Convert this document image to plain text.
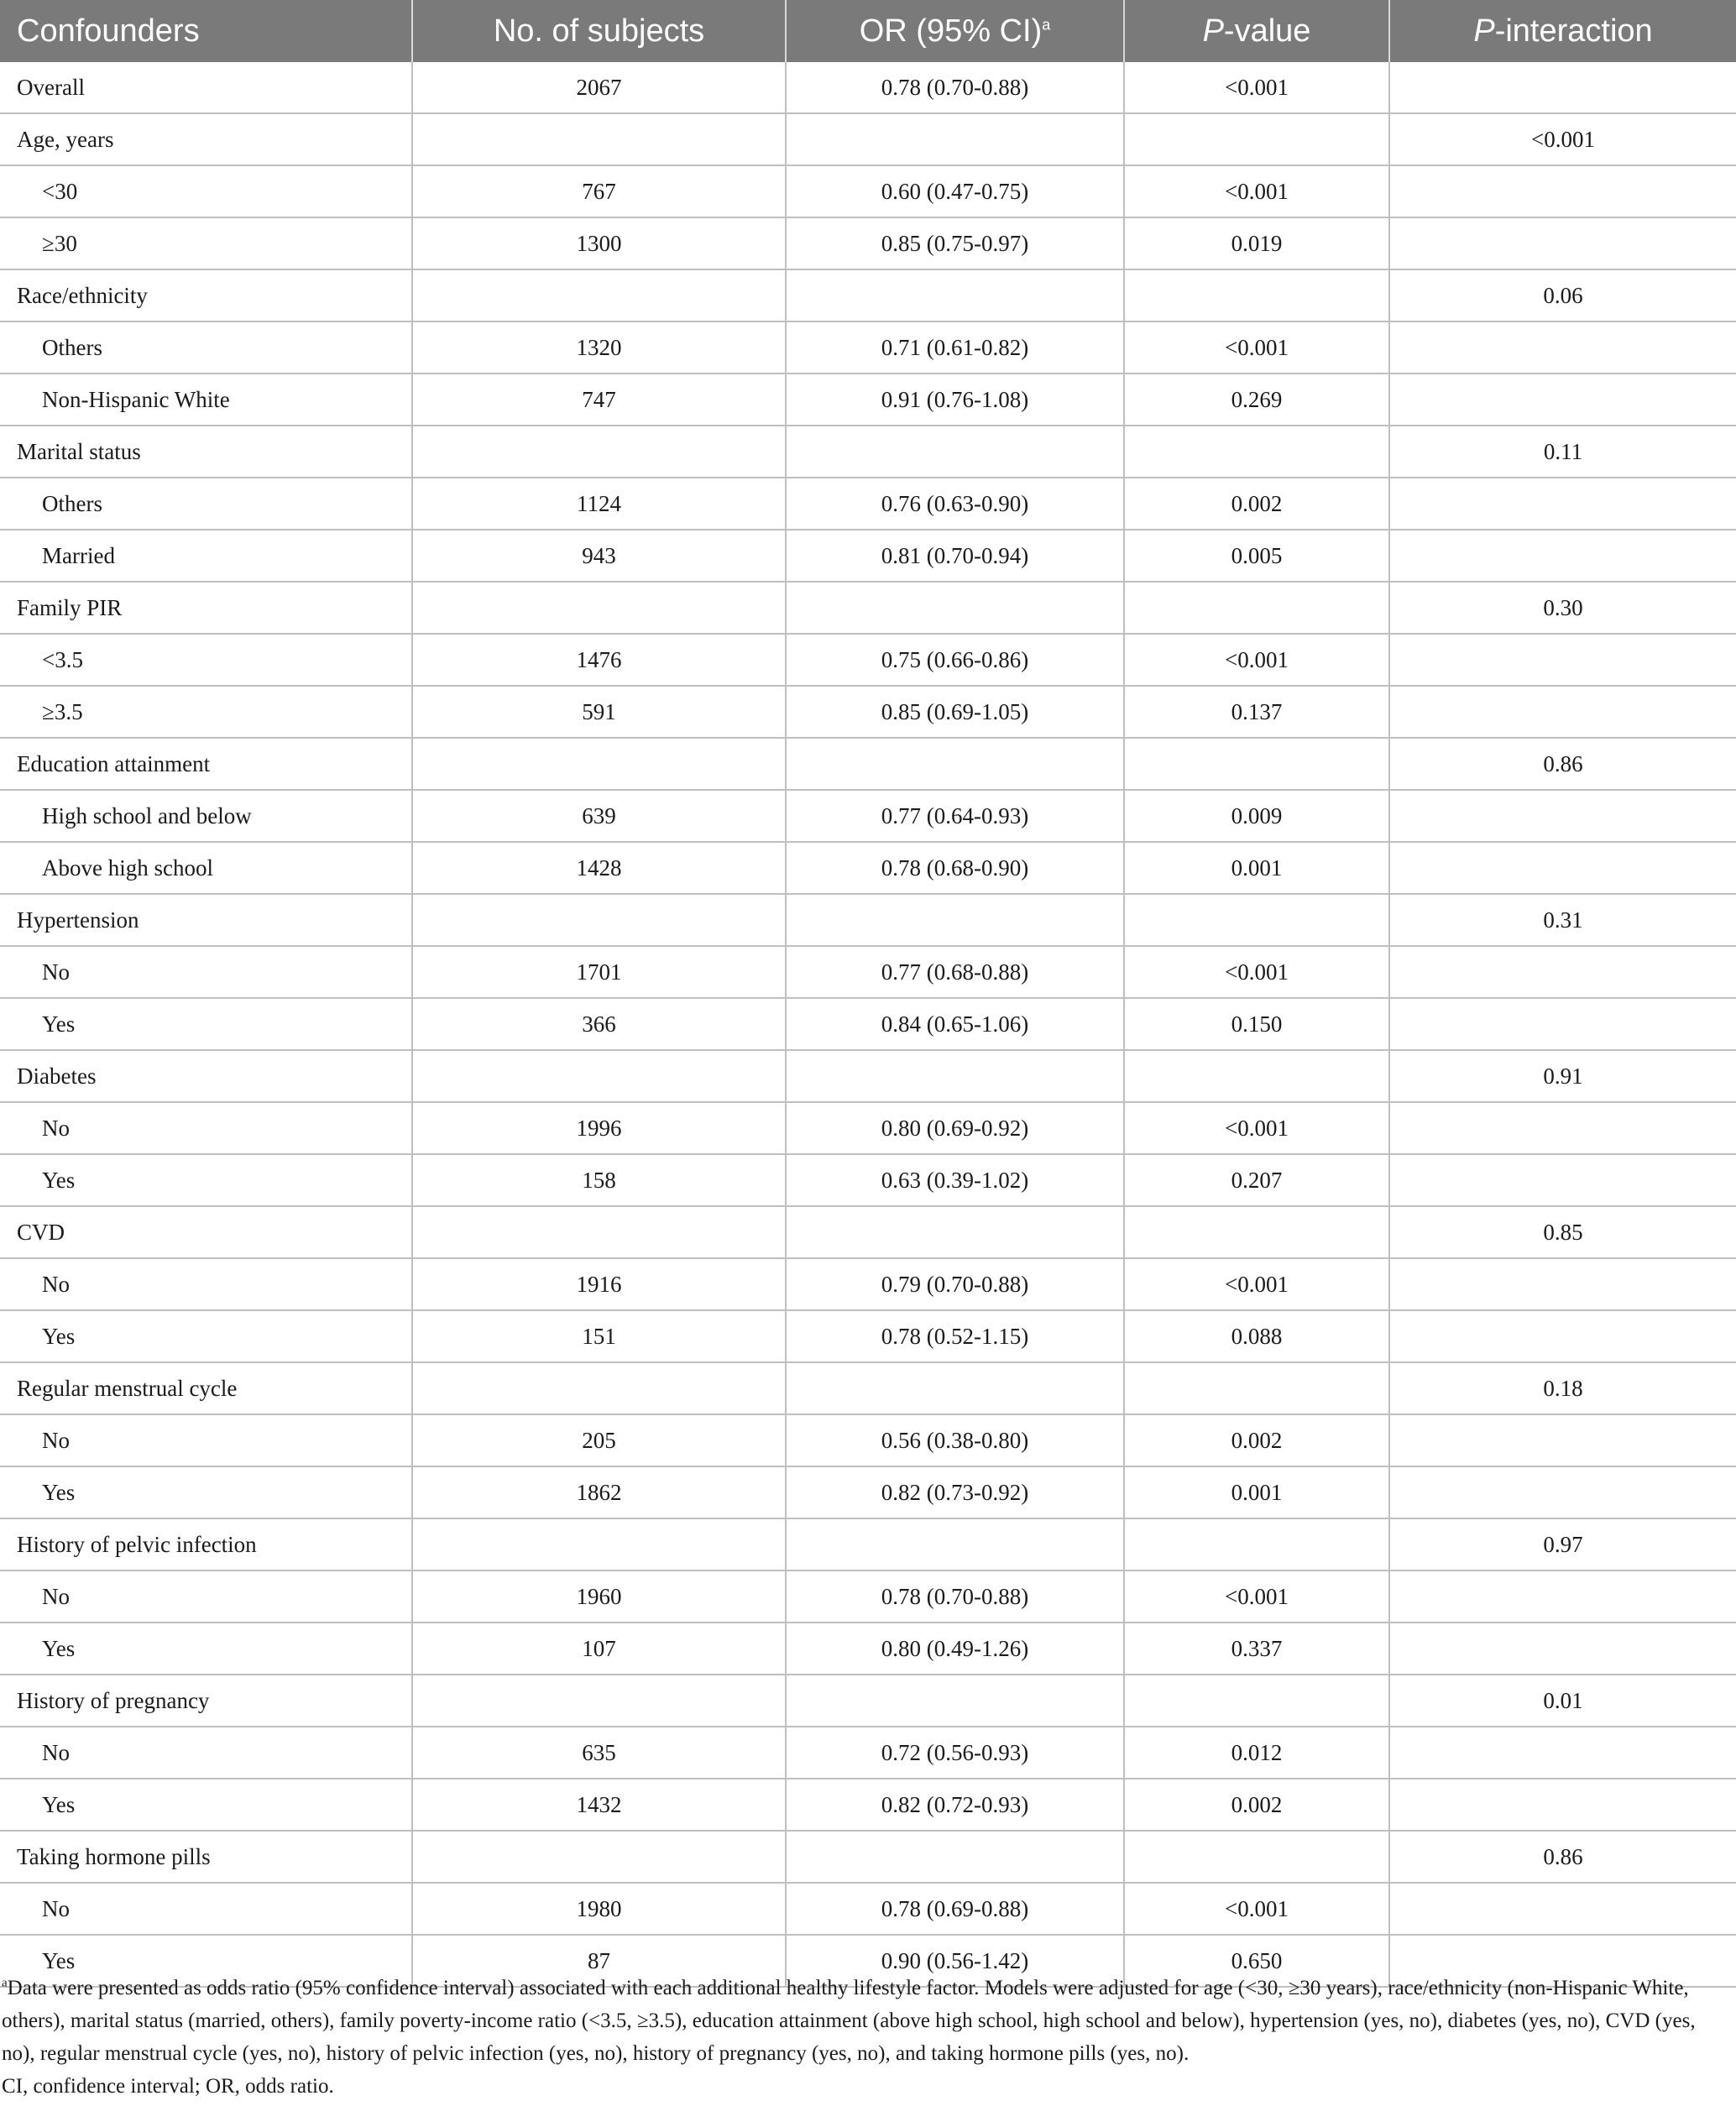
Confounders	No. of subjects	OR (95% CI)$^a$	P-value	P-interaction
Overall	2067	0.78 (0.70-0.88)	<0.001	
Age, years				<0.001
<30	767	0.60 (0.47-0.75)	<0.001	
≥30	1300	0.85 (0.75-0.97)	0.019	
Race/ethnicity				0.06
Others	1320	0.71 (0.61-0.82)	<0.001	
Non-Hispanic White	747	0.91 (0.76-1.08)	0.269	
Marital status				0.11
Others	1124	0.76 (0.63-0.90)	0.002	
Married	943	0.81 (0.70-0.94)	0.005	
Family PIR				0.30
<3.5	1476	0.75 (0.66-0.86)	<0.001	
≥3.5	591	0.85 (0.69-1.05)	0.137	
Education attainment				0.86
High school and below	639	0.77 (0.64-0.93)	0.009	
Above high school	1428	0.78 (0.68-0.90)	0.001	
Hypertension				0.31
No	1701	0.77 (0.68-0.88)	<0.001	
Yes	366	0.84 (0.65-1.06)	0.150	
Diabetes				0.91
No	1996	0.80 (0.69-0.92)	<0.001	
Yes	158	0.63 (0.39-1.02)	0.207	
CVD				0.85
No	1916	0.79 (0.70-0.88)	<0.001	
Yes	151	0.78 (0.52-1.15)	0.088	
Regular menstrual cycle				0.18
No	205	0.56 (0.38-0.80)	0.002	
Yes	1862	0.82 (0.73-0.92)	0.001	
History of pelvic infection				0.97
No	1960	0.78 (0.70-0.88)	<0.001	
Yes	107	0.80 (0.49-1.26)	0.337	
History of pregnancy				0.01
No	635	0.72 (0.56-0.93)	0.012	
Yes	1432	0.82 (0.72-0.93)	0.002	
Taking hormone pills				0.86
No	1980	0.78 (0.69-0.88)	<0.001	
Yes	87	0.90 (0.56-1.42)	0.650	

$^a$Data were presented as odds ratio (95% confidence interval) associated with each additional healthy lifestyle factor. Models were adjusted for age (<30, ≥30 years), race/ethnicity (non-Hispanic White, others), marital status (married, others), family poverty-income ratio (<3.5, ≥3.5), education attainment (above high school, high school and below), hypertension (yes, no), diabetes (yes, no), CVD (yes, no), regular menstrual cycle (yes, no), history of pelvic infection (yes, no), history of pregnancy (yes, no), and taking hormone pills (yes, no).

CI, confidence interval; OR, odds ratio.
